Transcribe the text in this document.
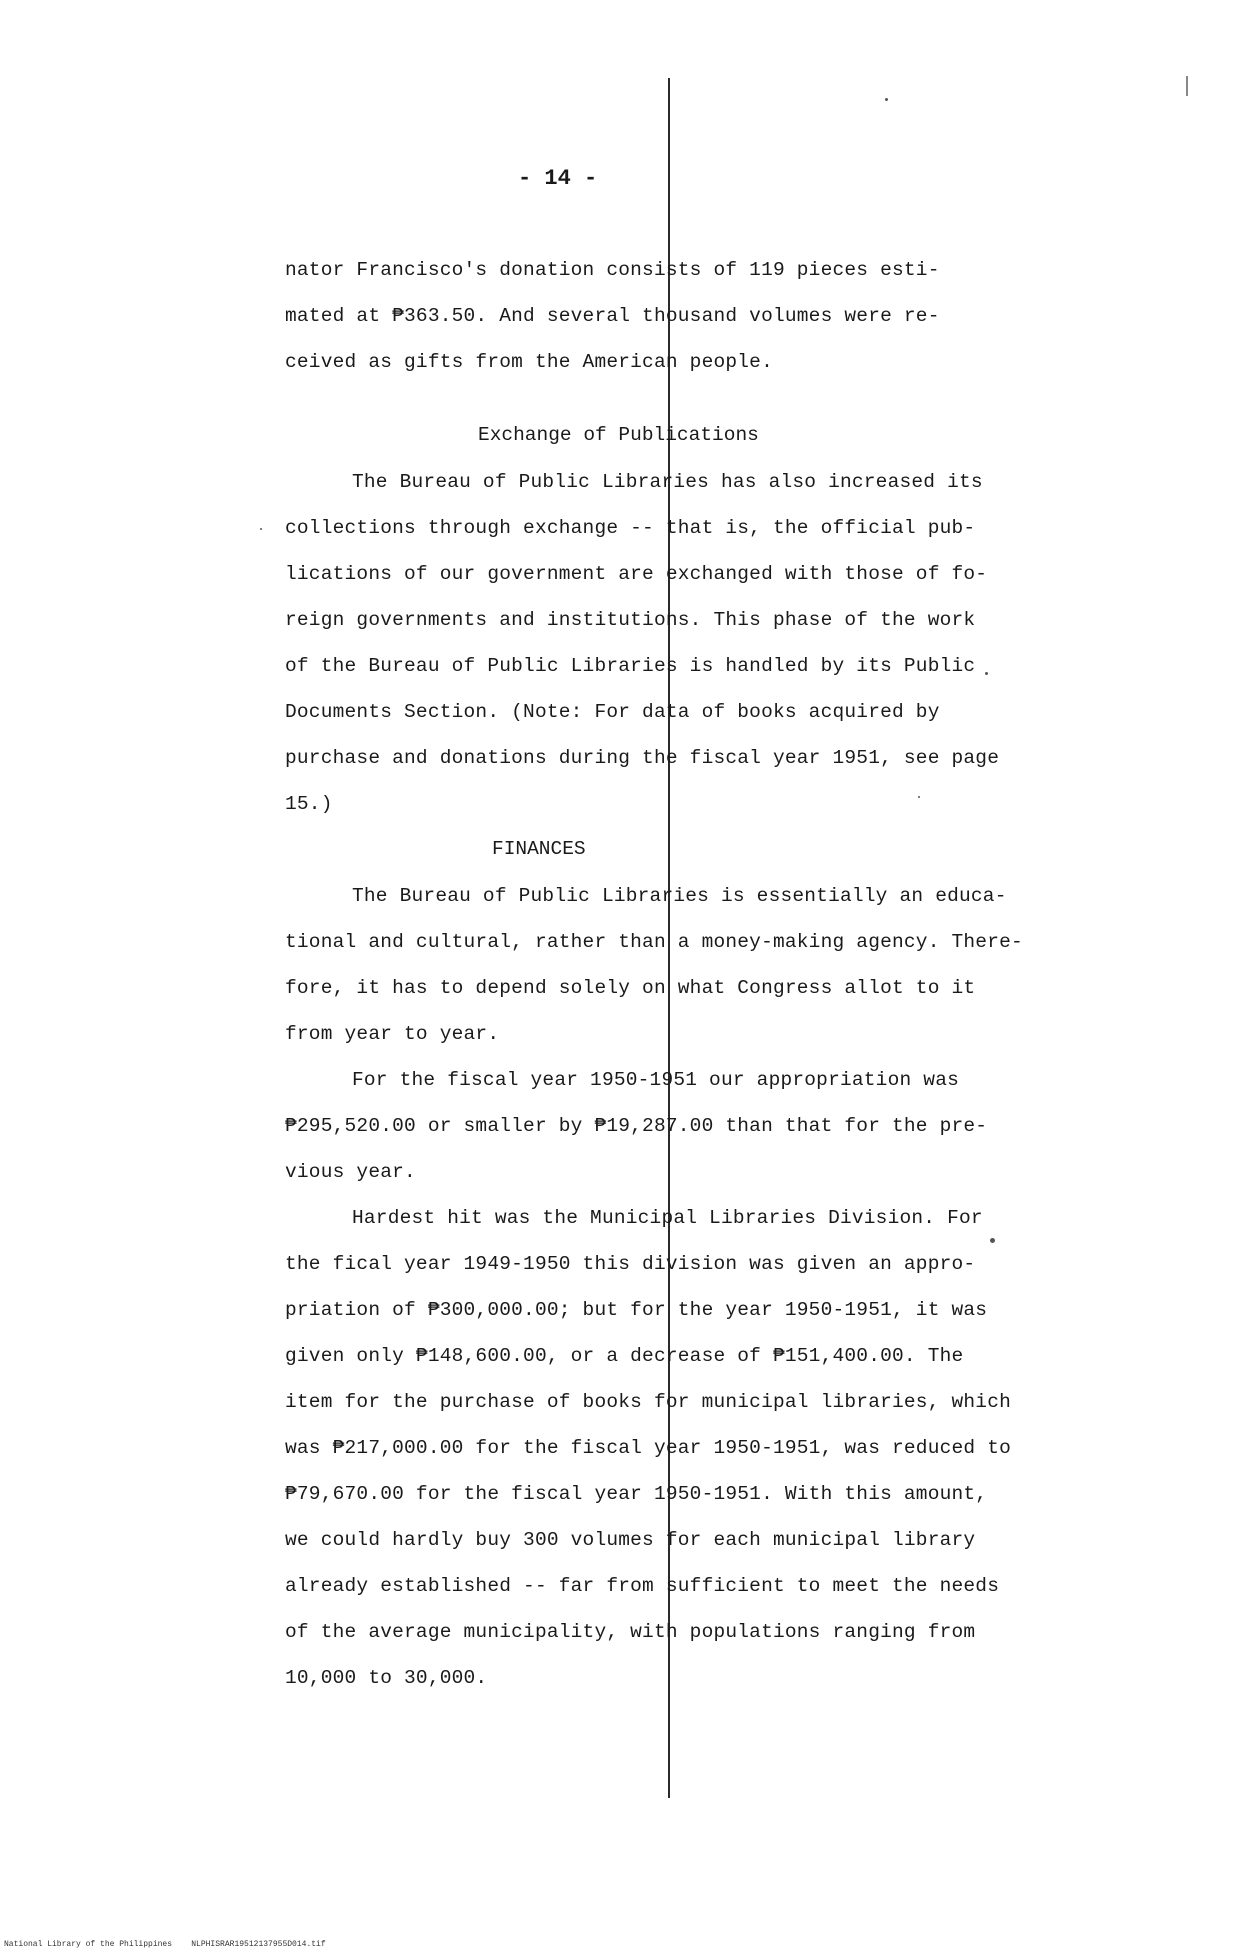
- 14 -
nator Francisco's donation consists of 119 pieces esti-
mated at ₱363.50. And several thousand volumes were re-
ceived as gifts from the American people.
Exchange of Publications
The Bureau of Public Libraries has also increased its
collections through exchange -- that is, the official pub-
lications of our government are exchanged with those of fo-
reign governments and institutions. This phase of the work
of the Bureau of Public Libraries is handled by its Public
Documents Section. (Note: For data of books acquired by
purchase and donations during the fiscal year 1951, see page
15.)
FINANCES
The Bureau of Public Libraries is essentially an educa-
tional and cultural, rather than a money-making agency. There-
fore, it has to depend solely on what Congress allot to it
from year to year.
For the fiscal year 1950-1951 our appropriation was
₱295,520.00 or smaller by ₱19,287.00 than that for the pre-
vious year.
Hardest hit was the Municipal Libraries Division. For
the fical year 1949-1950 this division was given an appro-
priation of ₱300,000.00; but for the year 1950-1951, it was
given only ₱148,600.00, or a decrease of ₱151,400.00. The
item for the purchase of books for municipal libraries, which
was ₱217,000.00 for the fiscal year 1950-1951, was reduced to
₱79,670.00 for the fiscal year 1950-1951. With this amount,
we could hardly buy 300 volumes for each municipal library
already established -- far from sufficient to meet the needs
of the average municipality, with populations ranging from
10,000 to 30,000.
National Library of the Philippines    NLPHISRAR19512137955D014.tif
